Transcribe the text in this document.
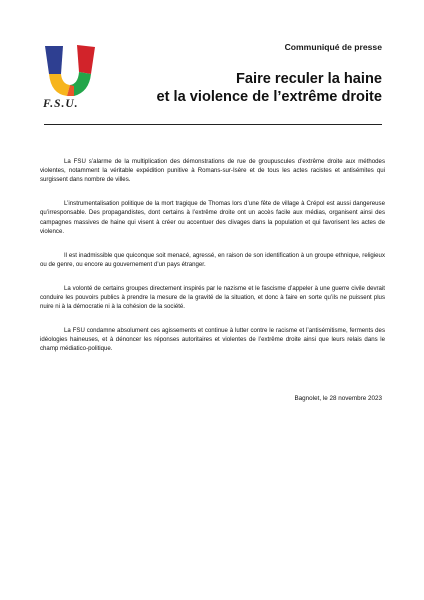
F.S.U.
Communiqué de presse
Faire reculer la haine
et la violence de l’extrême droite

La FSU s’alarme de la multiplication des démonstrations de rue de groupuscules d’extrême droite aux méthodes violentes, notamment la véritable expédition punitive à Romans-sur-Isère et de tous les actes racistes et antisémites qui surgissent dans nombre de villes.

L’instrumentalisation politique de la mort tragique de Thomas lors d’une fête de village à Crépol est aussi dangereuse qu’irresponsable. Des propagandistes, dont certains à l’extrême droite ont un accès facile aux médias, organisent ainsi des campagnes massives de haine qui visent à créer ou accentuer des clivages dans la population et qui favorisent les actes de violence.

Il est inadmissible que quiconque soit menacé, agressé, en raison de son identification à un groupe ethnique, religieux ou de genre, ou encore au gouvernement d’un pays étranger.

La volonté de certains groupes directement inspirés par le nazisme et le fascisme d’appeler à une guerre civile devrait conduire les pouvoirs publics à prendre la mesure de la gravité de la situation, et donc à faire en sorte qu’ils ne puissent plus nuire ni à la démocratie ni à la cohésion de la société.

La FSU condamne absolument ces agissements et continue à lutter contre le racisme et l’antisémitisme, ferments des idéologies haineuses, et à dénoncer les réponses autoritaires et violentes de l’extrême droite ainsi que leurs relais dans le champ médiatico-politique.

Bagnolet, le 28 novembre 2023
